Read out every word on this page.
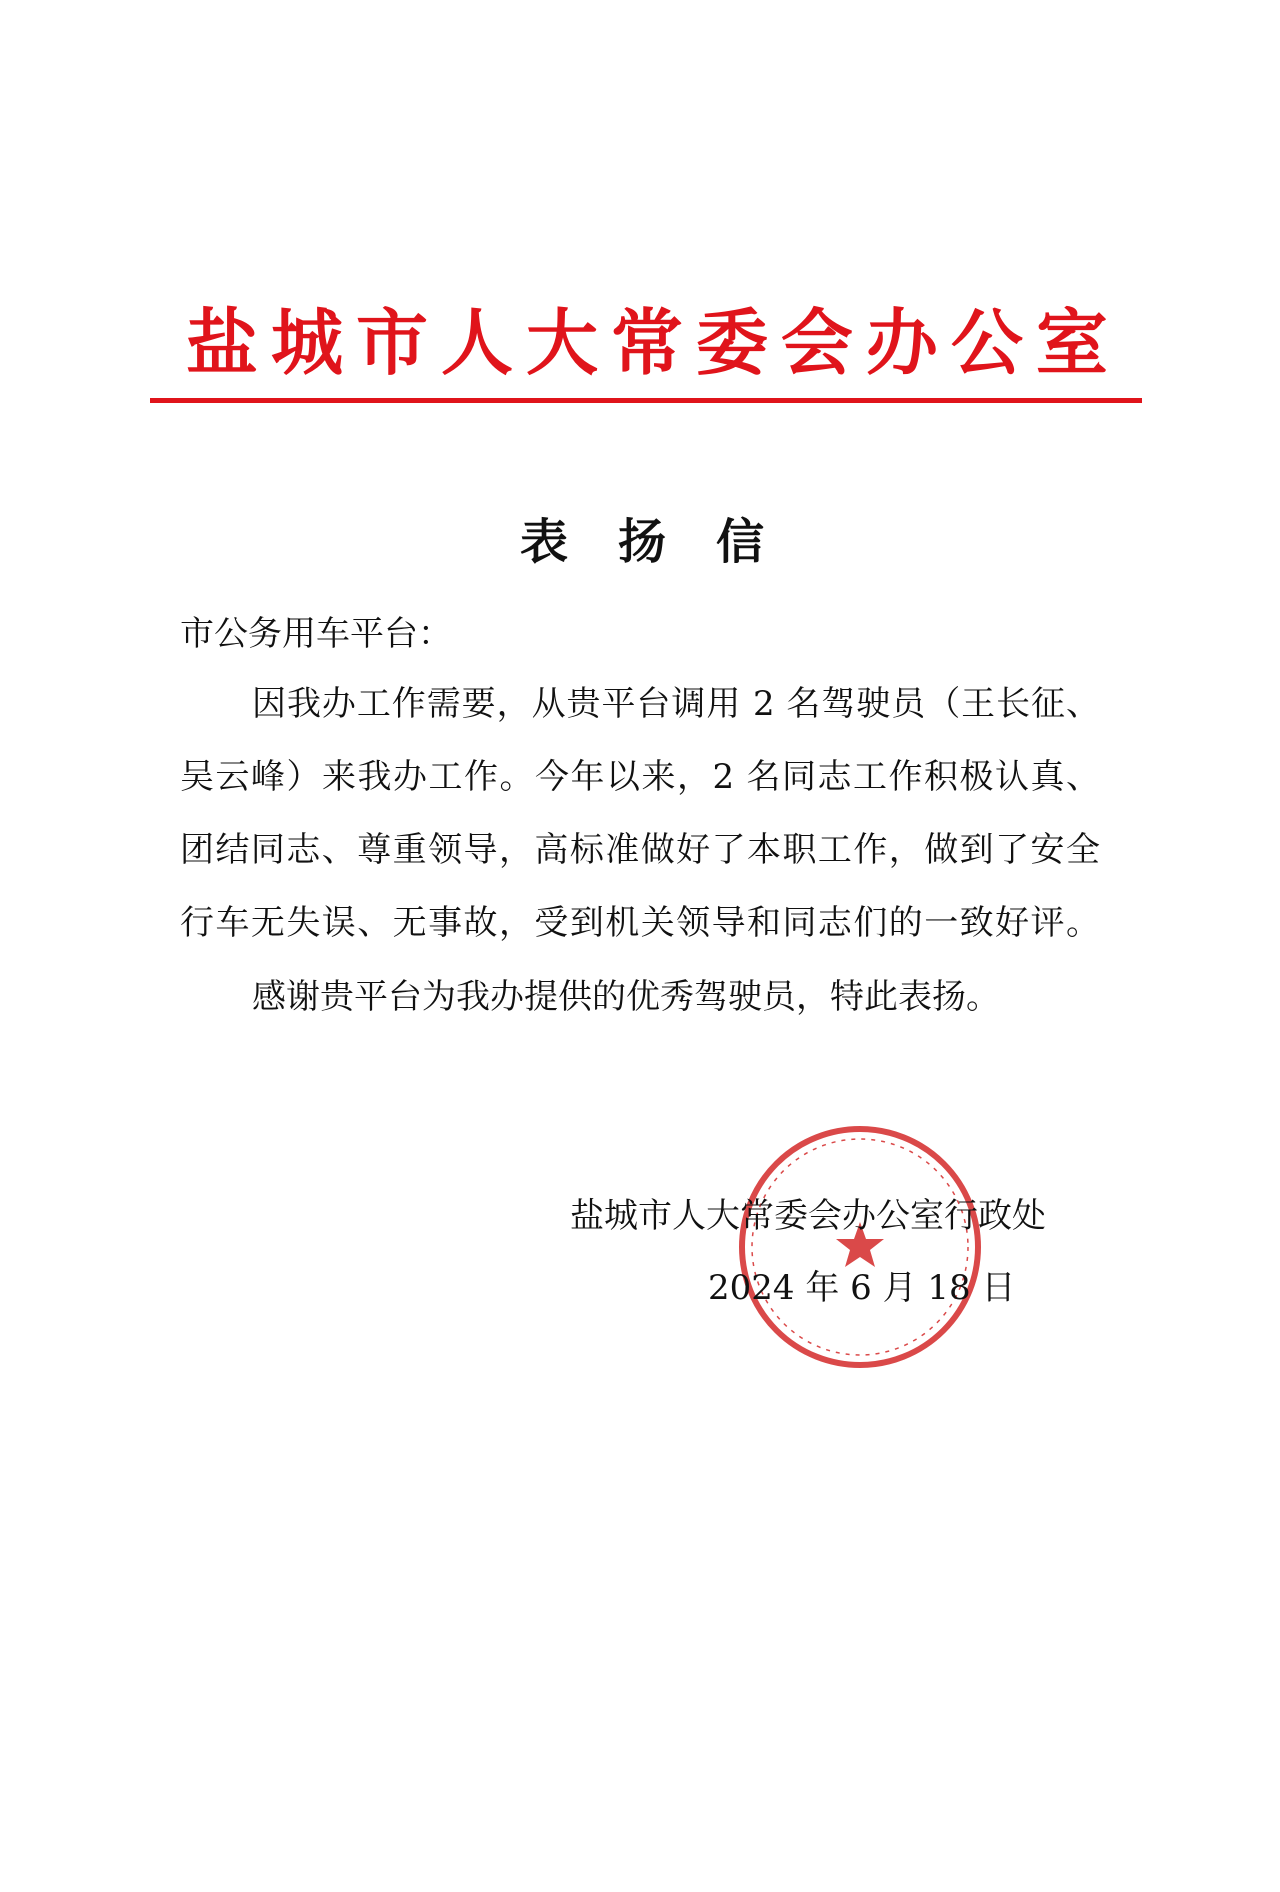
盐 城 市 人 大 常 委 会 办 公 室
表 扬 信
市公务用车平台：
因我办工作需要，从贵平台调用 2 名驾驶员（王长征、
吴云峰）来我办工作。今年以来，2 名同志工作积极认真、
团结同志、尊重领导，高标准做好了本职工作，做到了安全
行车无失误、无事故，受到机关领导和同志们的一致好评。
感谢贵平台为我办提供的优秀驾驶员，特此表扬。
盐城市人大常委会办公室行政处
2024 年 6 月 18 日
